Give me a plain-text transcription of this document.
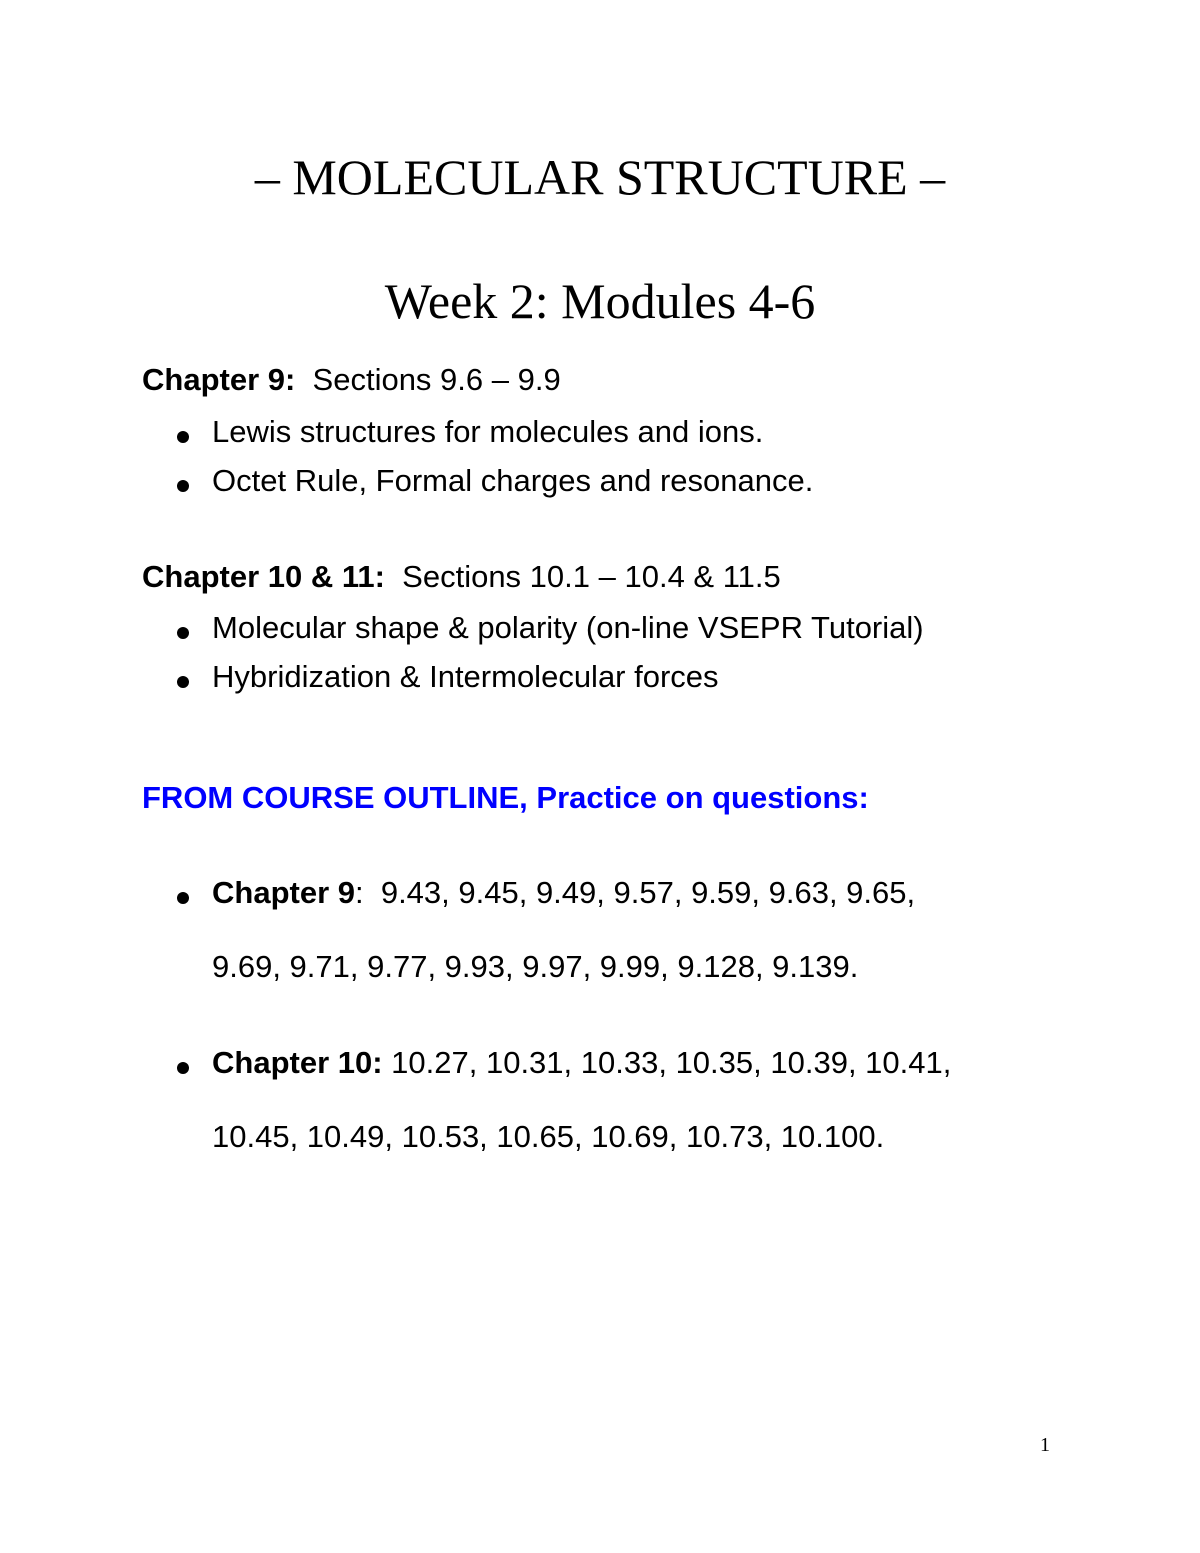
– MOLECULAR STRUCTURE –
Week 2: Modules 4-6
Chapter 9:  Sections 9.6 – 9.9
Lewis structures for molecules and ions.
Octet Rule, Formal charges and resonance.
Chapter 10 & 11:  Sections 10.1 – 10.4 & 11.5
Molecular shape & polarity (on-line VSEPR Tutorial)
Hybridization & Intermolecular forces
FROM COURSE OUTLINE, Practice on questions:
Chapter 9:  9.43, 9.45, 9.49, 9.57, 9.59, 9.63, 9.65,
9.69, 9.71, 9.77, 9.93, 9.97, 9.99, 9.128, 9.139.
Chapter 10: 10.27, 10.31, 10.33, 10.35, 10.39, 10.41,
10.45, 10.49, 10.53, 10.65, 10.69, 10.73, 10.100.
1
